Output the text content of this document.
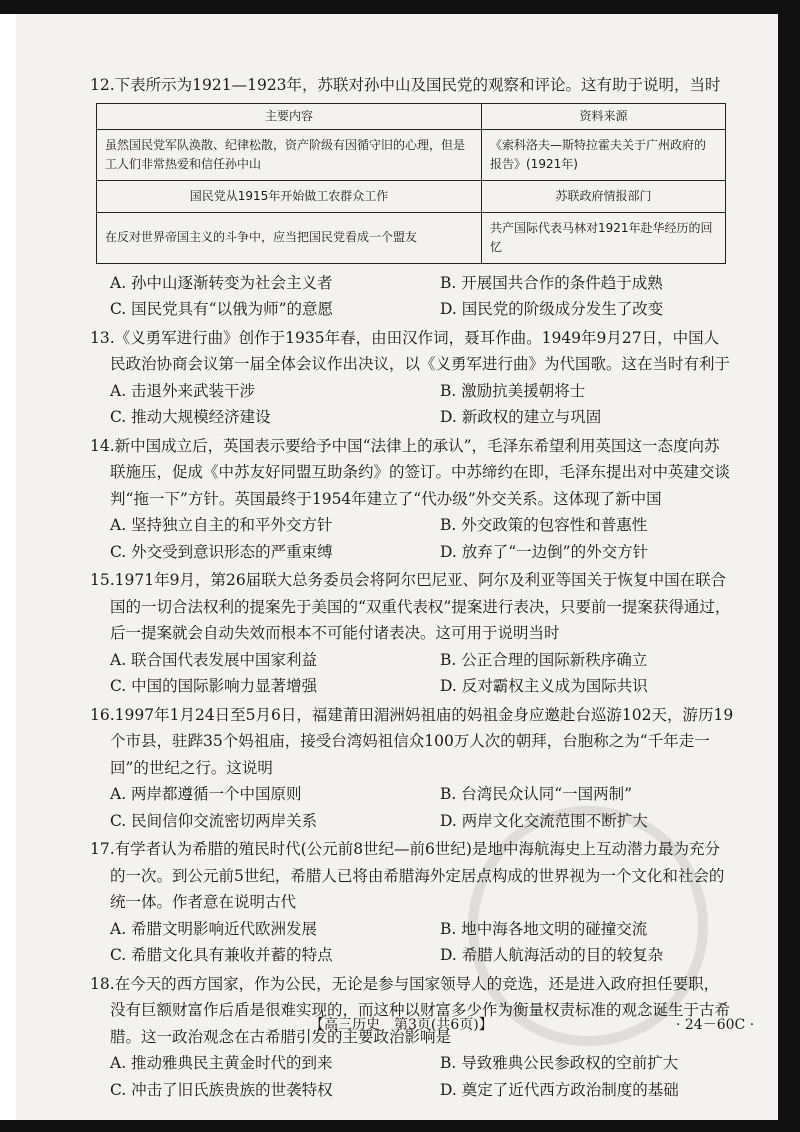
12.下表所示为1921—1923年，苏联对孙中山及国民党的观察和评论。这有助于说明，当时

主要内容	资料来源
虽然国民党军队涣散、纪律松散，资产阶级有因循守旧的心理，但是工人们非常热爱和信任孙中山	《索科洛夫—斯特拉霍夫关于广州政府的报告》(1921年)
国民党从1915年开始做工农群众工作	苏联政府情报部门
在反对世界帝国主义的斗争中，应当把国民党看成一个盟友	共产国际代表马林对1921年赴华经历的回忆
A. 孙中山逐渐转变为社会主义者	B. 开展国共合作的条件趋于成熟
C. 国民党具有“以俄为师”的意愿	D. 国民党的阶级成分发生了改变

13.《义勇军进行曲》创作于1935年春，由田汉作词，聂耳作曲。1949年9月27日，中国人民政治协商会议第一届全体会议作出决议，以《义勇军进行曲》为代国歌。这在当时有利于

A. 击退外来武装干涉	B. 激励抗美援朝将士
C. 推动大规模经济建设	D. 新政权的建立与巩固

14.新中国成立后，英国表示要给予中国“法律上的承认”，毛泽东希望利用英国这一态度向苏联施压，促成《中苏友好同盟互助条约》的签订。中苏缔约在即，毛泽东提出对中英建交谈判“拖一下”方针。英国最终于1954年建立了“代办级”外交关系。这体现了新中国

A. 坚持独立自主的和平外交方针	B. 外交政策的包容性和普惠性
C. 外交受到意识形态的严重束缚	D. 放弃了“一边倒”的外交方针

15.1971年9月，第26届联大总务委员会将阿尔巴尼亚、阿尔及利亚等国关于恢复中国在联合国的一切合法权利的提案先于美国的“双重代表权”提案进行表决，只要前一提案获得通过，后一提案就会自动失效而根本不可能付诸表决。这可用于说明当时

A. 联合国代表发展中国家利益	B. 公正合理的国际新秩序确立
C. 中国的国际影响力显著增强	D. 反对霸权主义成为国际共识

16.1997年1月24日至5月6日，福建莆田湄洲妈祖庙的妈祖金身应邀赴台巡游102天，游历19个市县，驻跸35个妈祖庙，接受台湾妈祖信众100万人次的朝拜，台胞称之为“千年走一回”的世纪之行。这说明

A. 两岸都遵循一个中国原则	B. 台湾民众认同“一国两制”
C. 民间信仰交流密切两岸关系	D. 两岸文化交流范围不断扩大

17.有学者认为希腊的殖民时代(公元前8世纪—前6世纪)是地中海航海史上互动潜力最为充分的一次。到公元前5世纪，希腊人已将由希腊海外定居点构成的世界视为一个文化和社会的统一体。作者意在说明古代

A. 希腊文明影响近代欧洲发展	B. 地中海各地文明的碰撞交流
C. 希腊文化具有兼收并蓄的特点	D. 希腊人航海活动的目的较复杂

18.在今天的西方国家，作为公民，无论是参与国家领导人的竞选，还是进入政府担任要职，没有巨额财富作后盾是很难实现的，而这种以财富多少作为衡量权责标准的观念诞生于古希腊。这一政治观念在古希腊引发的主要政治影响是

A. 推动雅典民主黄金时代的到来	B. 导致雅典公民参政权的空前扩大
C. 冲击了旧氏族贵族的世袭特权	D. 奠定了近代西方政治制度的基础
【高三历史　第3页(共6页)】	· 24－60C ·
